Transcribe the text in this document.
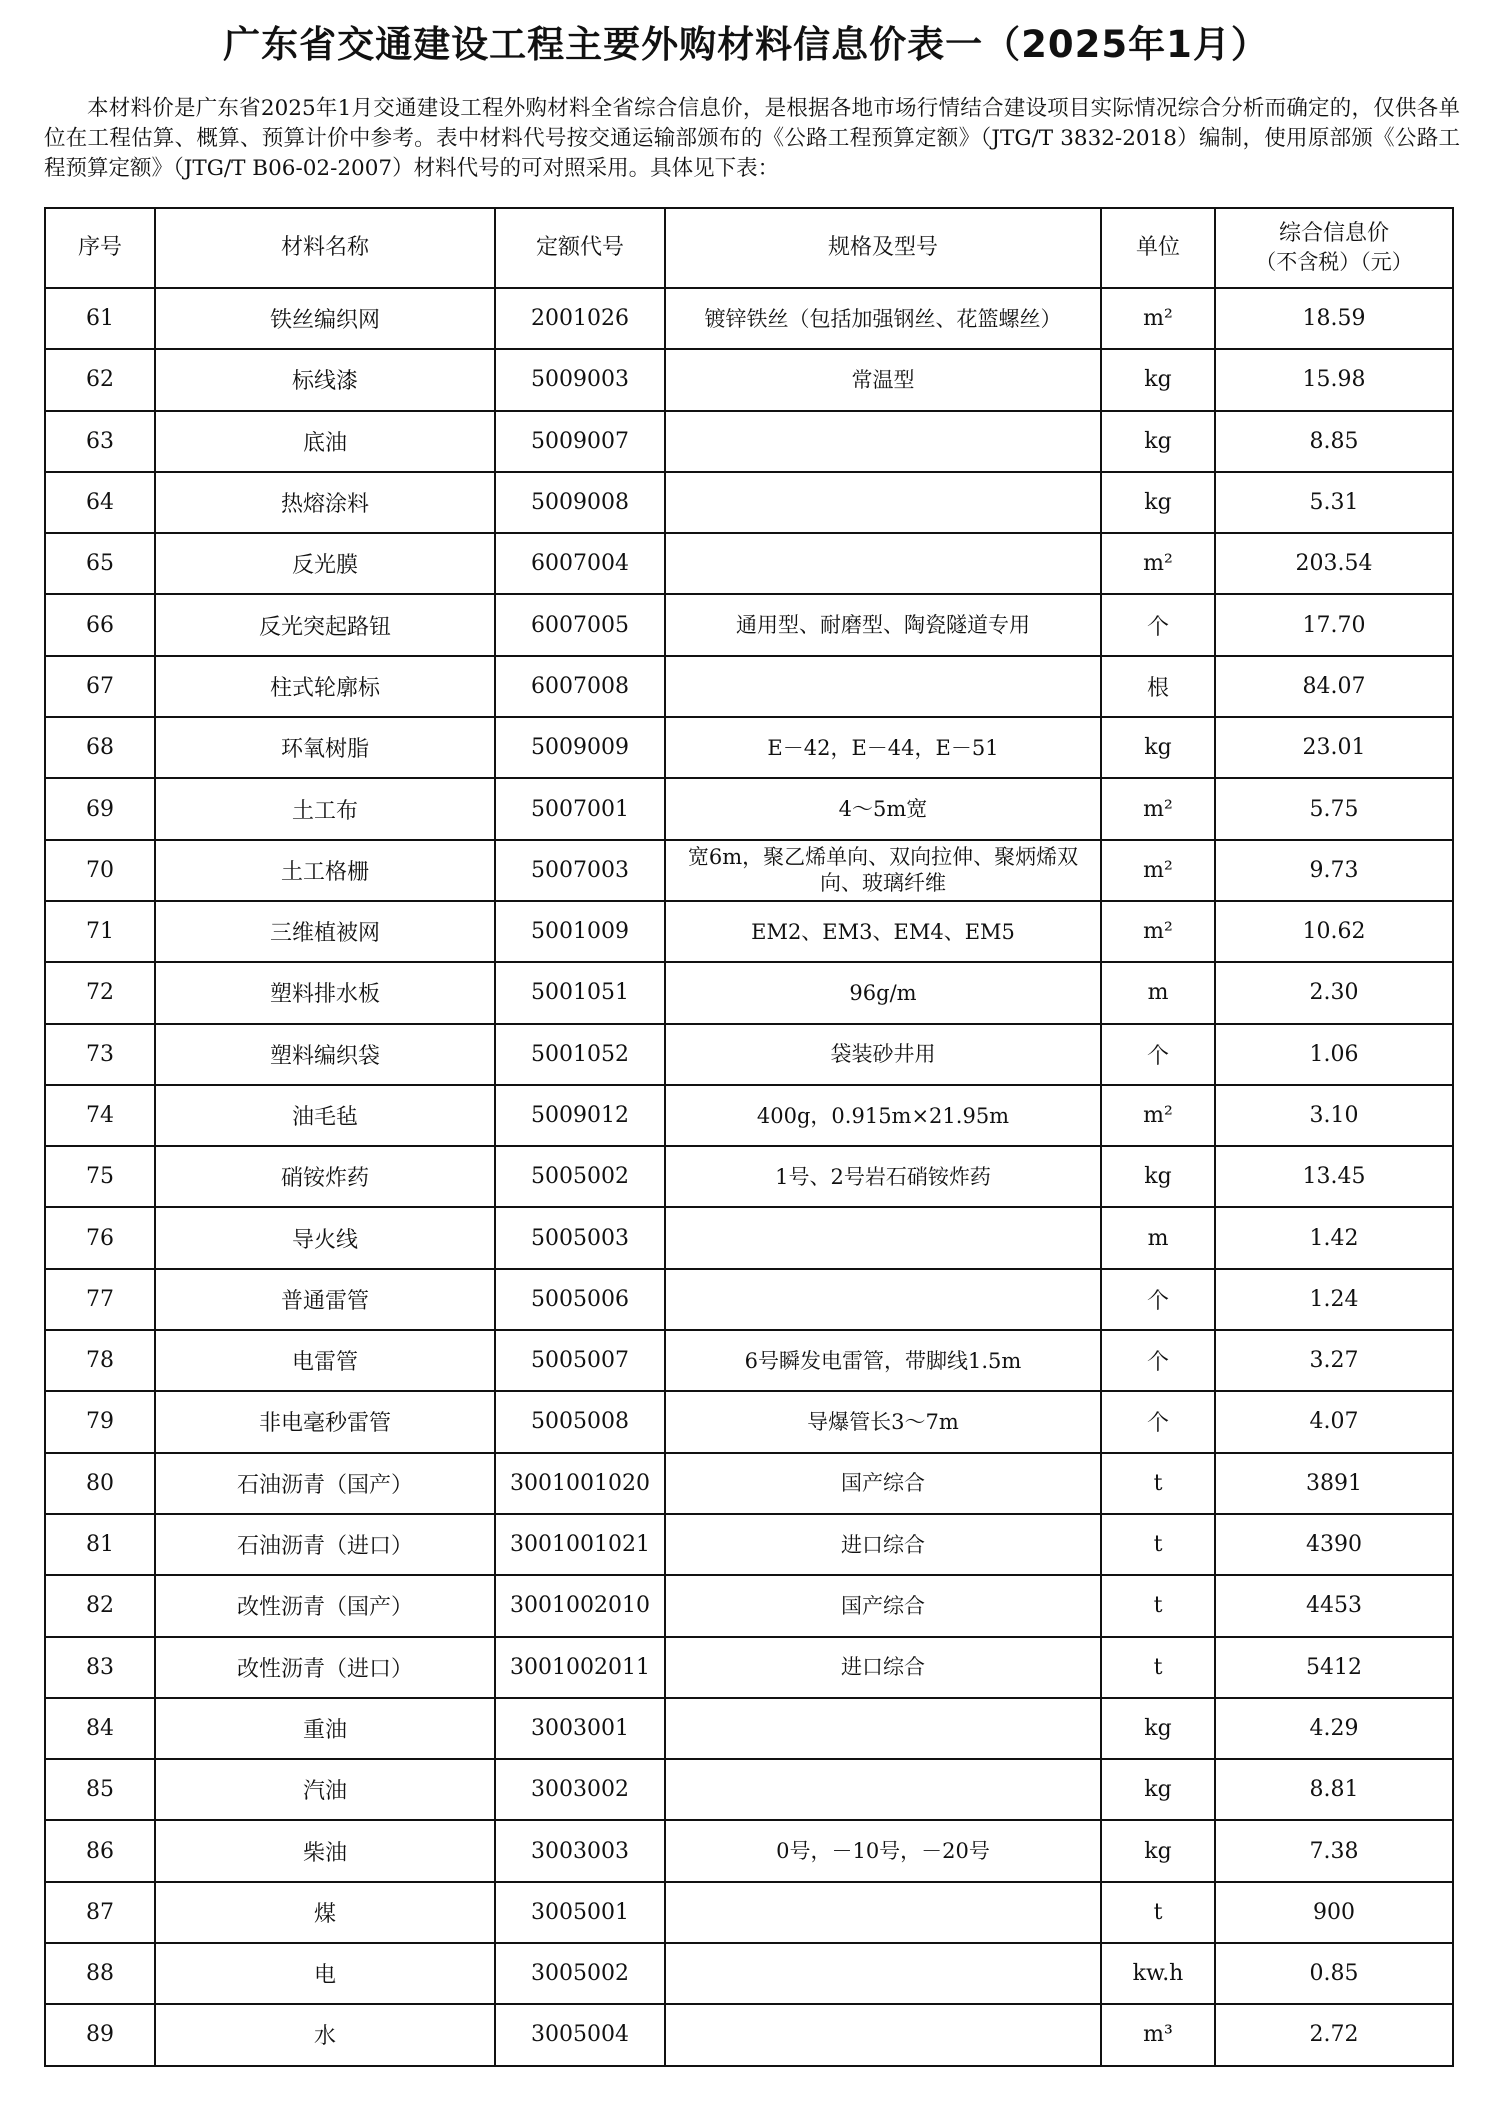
广东省交通建设工程主要外购材料信息价表一（2025年1月）

本材料价是广东省2025年1月交通建设工程外购材料全省综合信息价，是根据各地市场行情结合建设项目实际情况综合分析而确定的，仅供各单位在工程估算、概算、预算计价中参考。表中材料代号按交通运输部颁布的《公路工程预算定额》（JTG/T 3832-2018）编制，使用原部颁《公路工程预算定额》（JTG/T B06-02-2007）材料代号的可对照采用。具体见下表：

序号	材料名称	定额代号	规格及型号	单位	综合信息价
（不含税）（元）

61	铁丝编织网	2001026	镀锌铁丝（包括加强钢丝、花篮螺丝）	m²	18.59
62	标线漆	5009003	常温型	kg	15.98
63	底油	5009007		kg	8.85
64	热熔涂料	5009008		kg	5.31
65	反光膜	6007004		m²	203.54
66	反光突起路钮	6007005	通用型、耐磨型、陶瓷隧道专用	个	17.70
67	柱式轮廓标	6007008		根	84.07
68	环氧树脂	5009009	E－42，E－44，E－51	kg	23.01
69	土工布	5007001	4～5m宽	m²	5.75
70	土工格栅	5007003	宽6m，聚乙烯单向、双向拉伸、聚炳烯双向、玻璃纤维	m²	9.73
71	三维植被网	5001009	EM2、EM3、EM4、EM5	m²	10.62
72	塑料排水板	5001051	96g/m	m	2.30
73	塑料编织袋	5001052	袋装砂井用	个	1.06
74	油毛毡	5009012	400g，0.915m×21.95m	m²	3.10
75	硝铵炸药	5005002	1号、2号岩石硝铵炸药	kg	13.45
76	导火线	5005003		m	1.42
77	普通雷管	5005006		个	1.24
78	电雷管	5005007	6号瞬发电雷管，带脚线1.5m	个	3.27
79	非电毫秒雷管	5005008	导爆管长3～7m	个	4.07
80	石油沥青（国产）	3001001020	国产综合	t	3891
81	石油沥青（进口）	3001001021	进口综合	t	4390
82	改性沥青（国产）	3001002010	国产综合	t	4453
83	改性沥青（进口）	3001002011	进口综合	t	5412
84	重油	3003001		kg	4.29
85	汽油	3003002		kg	8.81
86	柴油	3003003	0号，－10号，－20号	kg	7.38
87	煤	3005001		t	900
88	电	3005002		kw.h	0.85
89	水	3005004		m³	2.72
